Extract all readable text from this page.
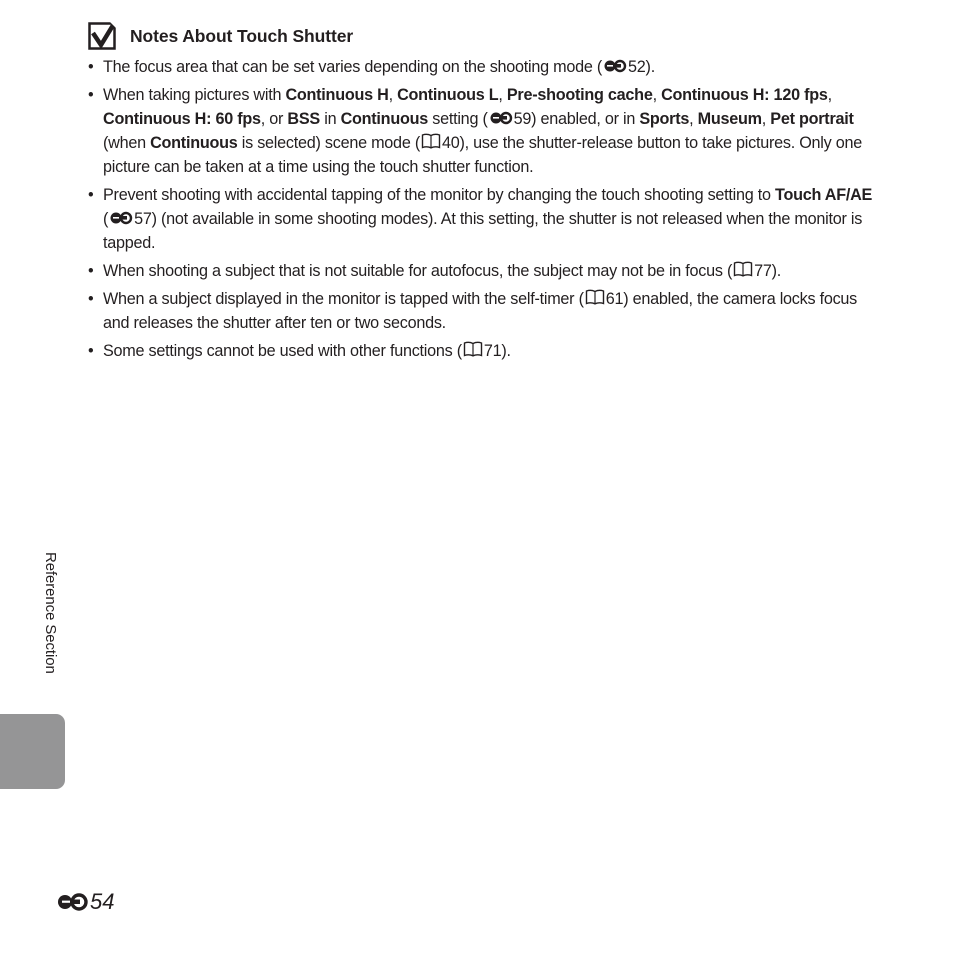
Notes About Touch Shutter
• The focus area that can be set varies depending on the shooting mode ( 52).
• When taking pictures with Continuous H, Continuous L, Pre-shooting cache, Continuous H: 120 fps, Continuous H: 60 fps, or BSS in Continuous setting ( 59) enabled, or in Sports, Museum, Pet portrait (when Continuous is selected) scene mode ( 40), use the shutter-release button to take pictures. Only one picture can be taken at a time using the touch shutter function.
• Prevent shooting with accidental tapping of the monitor by changing the touch shooting setting to Touch AF/AE ( 57) (not available in some shooting modes). At this setting, the shutter is not released when the monitor is tapped.
• When shooting a subject that is not suitable for autofocus, the subject may not be in focus ( 77).
• When a subject displayed in the monitor is tapped with the self-timer ( 61) enabled, the camera locks focus and releases the shutter after ten or two seconds.
• Some settings cannot be used with other functions ( 71).
Reference Section
54
